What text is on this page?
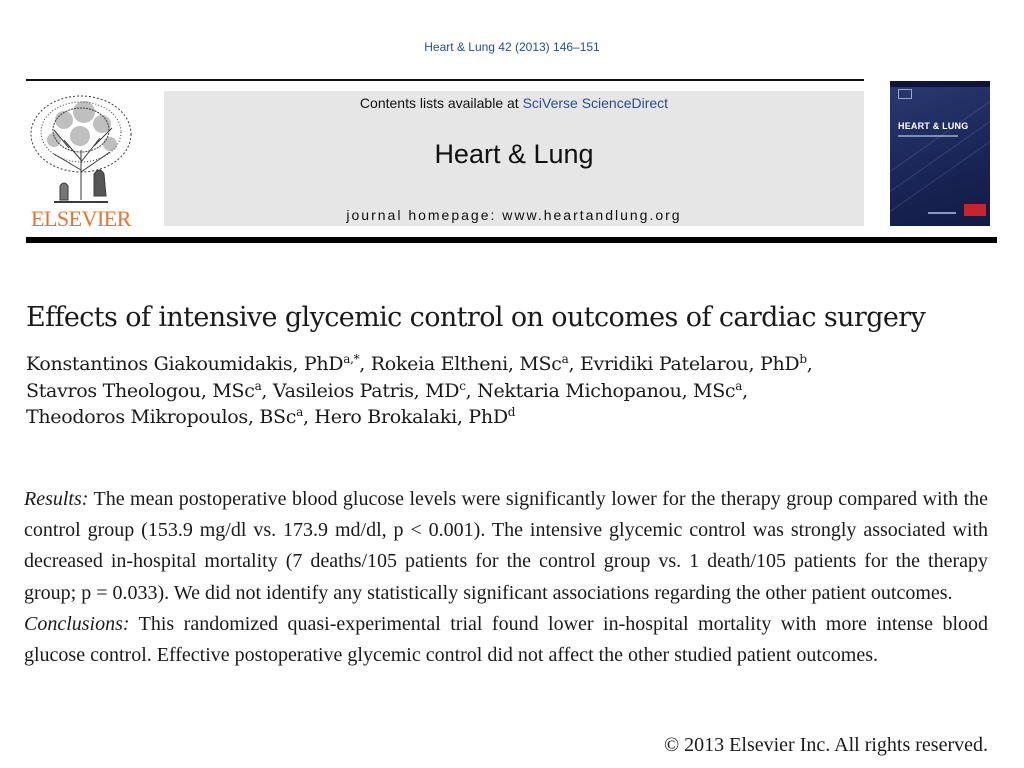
Heart & Lung 42 (2013) 146–151
ELSEVIER
Contents lists available at SciVerse ScienceDirect
Heart & Lung
journal homepage: www.heartandlung.org
HEART & LUNG
Effects of intensive glycemic control on outcomes of cardiac surgery
Konstantinos Giakoumidakis, PhD$^{a,*}$, Rokeia Eltheni, MSc$^a$, Evridiki Patelarou, PhD$^b$,
Stavros Theologou, MSc$^a$, Vasileios Patris, $MD^c$, Nektaria Michopanou, MSc$^a$,
Theodoros Mikropoulos, BSc$^a$, Hero Brokalaki, PhD$^d$

Results: The mean postoperative blood glucose levels were significantly lower for the therapy group compared with the control group (153.9 mg/dl vs. 173.9 md/dl, p < 0.001). The intensive glycemic control was strongly associated with decreased in-hospital mortality (7 deaths/105 patients for the control group vs. 1 death/105 patients for the therapy group; p = 0.033). We did not identify any statistically significant associations regarding the other patient outcomes.

Conclusions: This randomized quasi-experimental trial found lower in-hospital mortality with more intense blood glucose control. Effective postoperative glycemic control did not affect the other studied patient outcomes.

© 2013 Elsevier Inc. All rights reserved.
